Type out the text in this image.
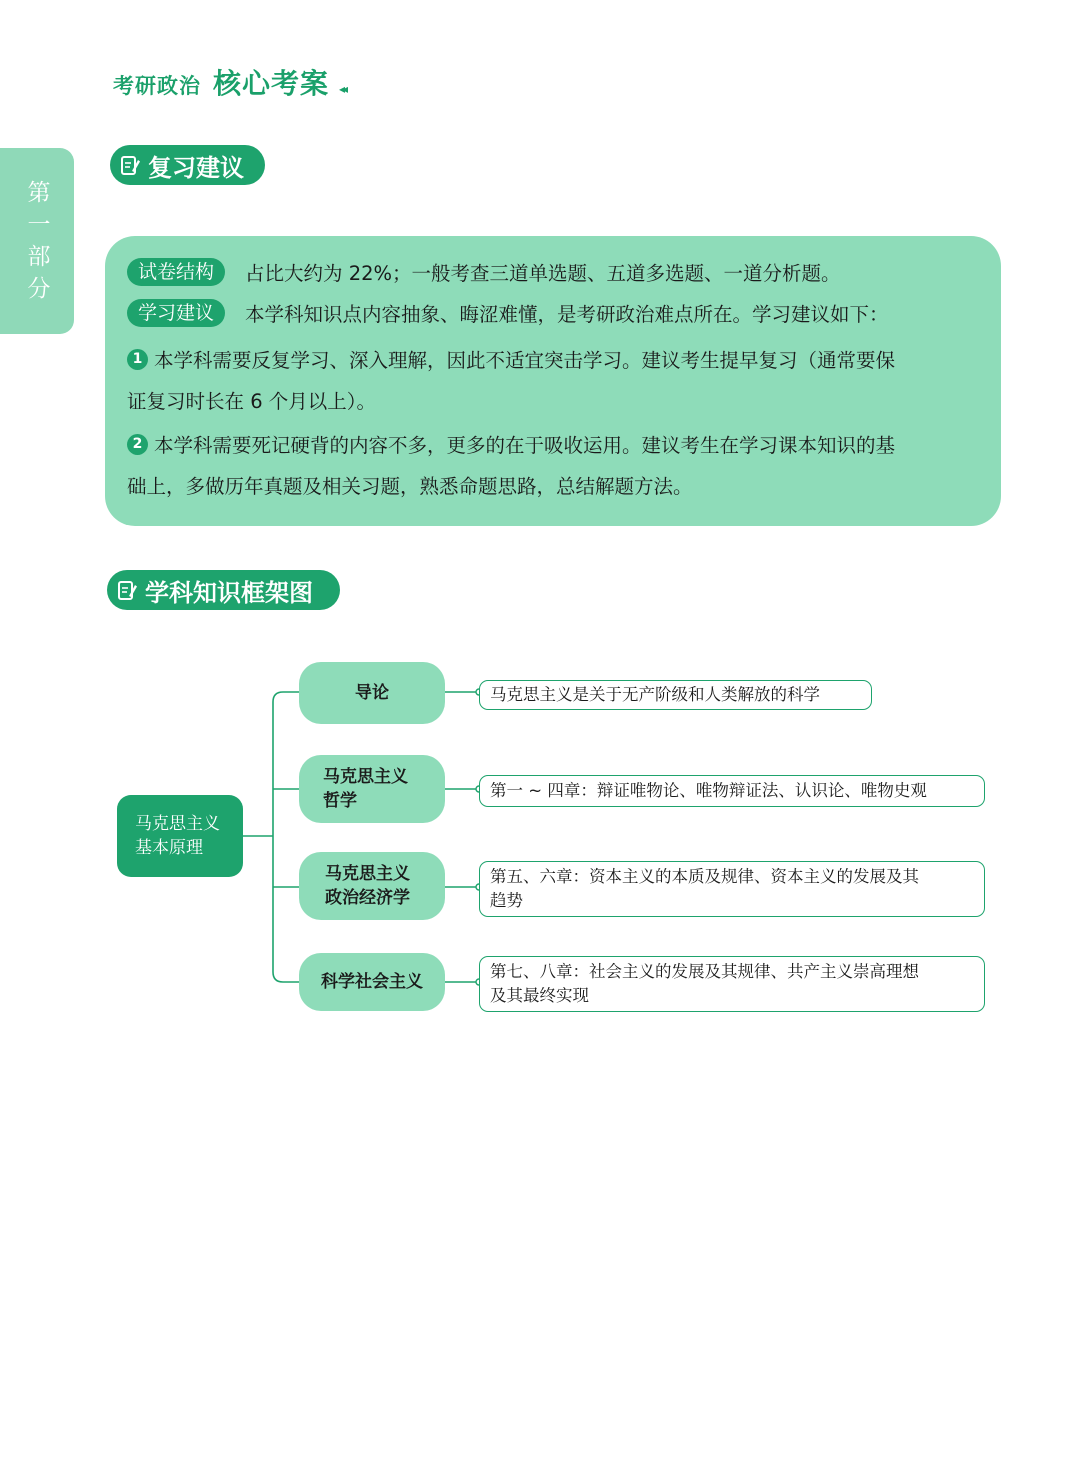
考研政治 核心考案 ◂◂
第一部分
复习建议
试卷结构	占比大约为 22%；一般考查三道单选题、五道多选题、一道分析题。
学习建议	本学科知识点内容抽象、晦涩难懂，是考研政治难点所在。学习建议如下：
1 本学科需要反复学习、深入理解，因此不适宜突击学习。建议考生提早复习（通常要保
证复习时长在 6 个月以上）。
2 本学科需要死记硬背的内容不多，更多的在于吸收运用。建议考生在学习课本知识的基
础上，多做历年真题及相关习题，熟悉命题思路，总结解题方法。
学科知识框架图
马克思主义
基本原理
导论
马克思主义
哲学
马克思主义
政治经济学
科学社会主义
马克思主义是关于无产阶级和人类解放的科学
第一 ~ 四章：辩证唯物论、唯物辩证法、认识论、唯物史观
第五、六章：资本主义的本质及规律、资本主义的发展及其
趋势
第七、八章：社会主义的发展及其规律、共产主义崇高理想
及其最终实现
